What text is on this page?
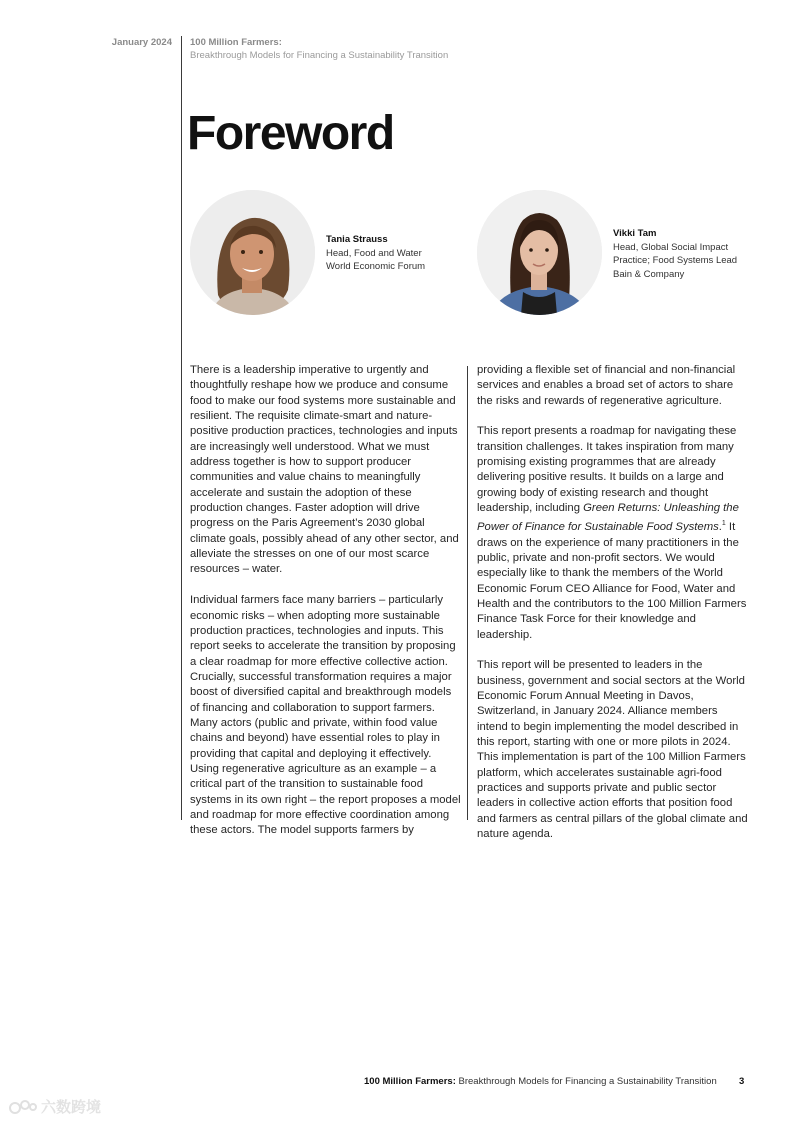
January 2024 100 Million Farmers:
Breakthrough Models for Financing a Sustainability Transition
Foreword
Tania Strauss
Head, Food and Water
World Economic Forum
Vikki Tam
Head, Global Social Impact
Practice; Food Systems Lead
Bain & Company

There is a leadership imperative to urgently and thoughtfully reshape how we produce and consume food to make our food systems more sustainable and resilient. The requisite climate-smart and nature-positive production practices, technologies and inputs are increasingly well understood. What we must address together is how to support producer communities and value chains to meaningfully accelerate and sustain the adoption of these production changes. Faster adoption will drive progress on the Paris Agreement’s 2030 global climate goals, possibly ahead of any other sector, and alleviate the stresses on one of our most scarce resources – water.

Individual farmers face many barriers – particularly economic risks – when adopting more sustainable production practices, technologies and inputs. This report seeks to accelerate the transition by proposing a clear roadmap for more effective collective action. Crucially, successful transformation requires a major boost of diversified capital and breakthrough models of financing and collaboration to support farmers. Many actors (public and private, within food value chains and beyond) have essential roles to play in providing that capital and deploying it effectively. Using regenerative agriculture as an example – a critical part of the transition to sustainable food systems in its own right – the report proposes a model and roadmap for more effective coordination among these actors. The model supports farmers by

providing a flexible set of financial and non-financial services and enables a broad set of actors to share the risks and rewards of regenerative agriculture.

This report presents a roadmap for navigating these transition challenges. It takes inspiration from many promising existing programmes that are already delivering positive results. It builds on a large and growing body of existing research and thought leadership, including Green Returns: Unleashing the Power of Finance for Sustainable Food Systems.$^1$ It draws on the experience of many practitioners in the public, private and non-profit sectors. We would especially like to thank the members of the World Economic Forum CEO Alliance for Food, Water and Health and the contributors to the 100 Million Farmers Finance Task Force for their knowledge and leadership.

This report will be presented to leaders in the business, government and social sectors at the World Economic Forum Annual Meeting in Davos, Switzerland, in January 2024. Alliance members intend to begin implementing the model described in this report, starting with one or more pilots in 2024. This implementation is part of the 100 Million Farmers platform, which accelerates sustainable agri-food practices and supports private and public sector leaders in collective action efforts that position food and farmers as central pillars of the global climate and nature agenda.

100 Million Farmers: Breakthrough Models for Financing a Sustainability Transition 3
六数跨境
